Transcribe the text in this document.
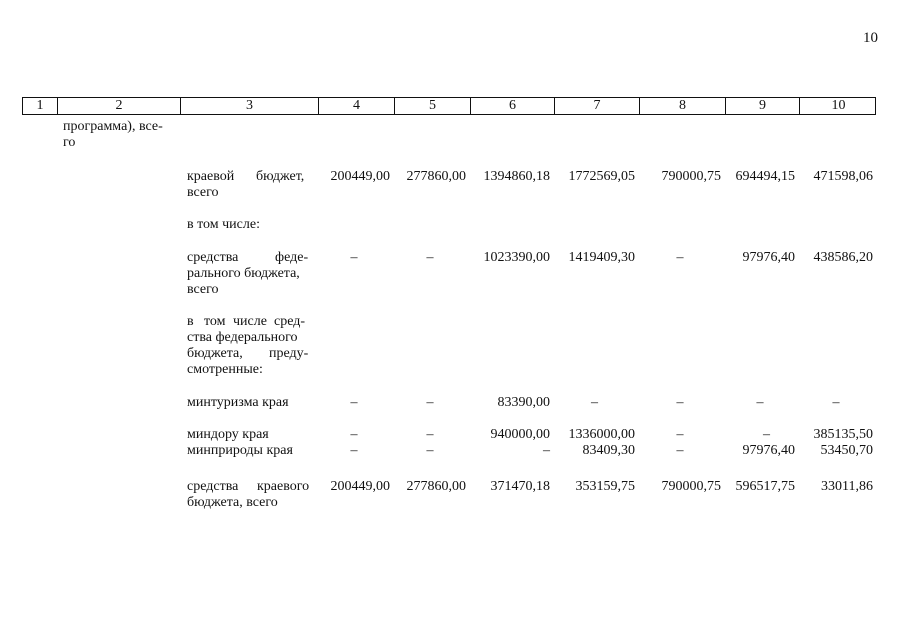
10
1	2	3	4	5	6	7	8	9	10
программа), все-
го
краевой бюджет,
всего
200449,00	277860,00	1394860,18	1772569,05	790000,75	694494,15	471598,06
в том числе:
средства	феде-
рального бюджета,
всего
–	–	1023390,00	1419409,30	–	97976,40	438586,20
в том числе сред-
ства федерального
бюджета, преду-
смотренные:
минтуризма края	–	–	83390,00	–	–	–	–
миндору края	–	–	940000,00	1336000,00	–	–	385135,50
минприроды края	–	–	–	83409,30	–	97976,40	53450,70
средства краевого
бюджета, всего
200449,00	277860,00	371470,18	353159,75	790000,75	596517,75	33011,86
